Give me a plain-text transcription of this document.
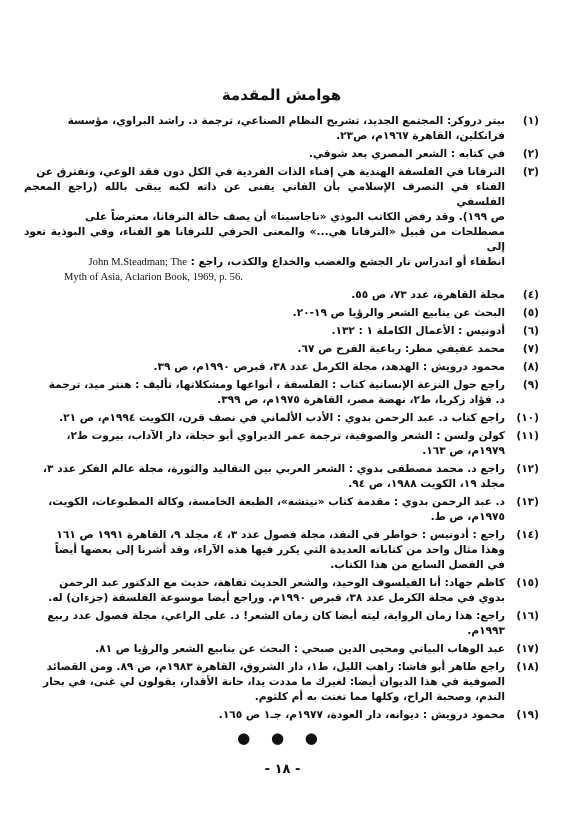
هوامش المقدمة
(١)
بيتر دروكر: المجتمع الجديد، تشريح النظام الصناعي، ترجمة د. راشد البراوي، مؤسسة
فرانكلين، القاهرة ١٩٦٧م، ص٢٣.
(٢)
في كتابه : الشعر المصري بعد شوقي.
(٣)
النرفانا في الفلسفة الهندية هي إفناء الذات الفردية في الكل دون فقد الوعي، وتفترق عن
الفناء في التصرف الإسلامي بأن الفاني يفنى عن ذاته لكنه يبقى بالله (راجع المعجم الفلسفي
ص ١٩٩). وقد رفض الكاتب البوذي «ناجاسينا» أن يصف حالة النرفانا، معترضاً على
مصطلحات من قبيل «النرفانا هي...» والمعنى الحرفي للنرفانا هو الفناء، وفي البوذية تعود إلى
انطفاء أو اندراس نار الجشع والغضب والخداع والكذب، راجع : John M.Steadman; The
Myth of Asia, Aclarion Book, 1969, p. 56.
(٤)
مجلة القاهرة، عدد ٧٣، ص ٥٥.
(٥)
البحث عن ينابيع الشعر والرؤيا ص ١٩-٢٠.
(٦)
أدونيس : الأعمال الكاملة ١ : ١٣٢.
(٧)
محمد عفيفي مطر: رباعية الفرح ص ٦٧.
(٨)
محمود درويش : الهدهد، مجلة الكرمل عدد ٣٨، قبرص ١٩٩٠م، ص ٣٩.
(٩)
راجع حول النزعة الإنسانية كتاب : الفلسفة ، أنواعها ومشكلاتها، تأليف : هنتر ميد، ترجمة
د. فؤاد زكريا، ط٢، نهضة مصر، القاهرة ١٩٧٥م، ص ٣٩٩.
(١٠)
راجع كتاب د. عبد الرحمن بدوي : الأدب الألماني في نصف قرن، الكويت ١٩٩٤م، ص ٢١.
(١١)
كولن ولسن : الشعر والصوفية، ترجمة عمر الديراوي أبو حجلة، دار الآداب، بيروت ط٢،
١٩٧٩م، ص ١٦٣.
(١٢)
راجع د. محمد مصطفى بدوي : الشعر العربي بين التقاليد والثورة، مجلة عالم الفكر عدد ٣،
مجلد ١٩، الكويت ١٩٨٨، ص ٩٤.
(١٣)
د. عبد الرحمن بدوي : مقدمة كتاب «نيتشه»، الطبعة الخامسة، وكالة المطبوعات، الكويت،
١٩٧٥م، ص ط.
(١٤)
راجع : أدونيس : خواطر في النقد، مجلة فصول عدد ٣، ٤، مجلد ٩، القاهرة ١٩٩١ ص ١٦١
وهذا مثال واحد من كتاباته العديدة التي يكرر فيها هذه الآراء، وقد أشرنا إلى بعضها أيضاً
في الفصل السابع من هذا الكتاب.
(١٥)
كاظم جهاد: أنا الفيلسوف الوحيد، والشعر الحديث تفاهة، حديث مع الدكتور عبد الرحمن
بدوي في مجلة الكرمل عدد ٣٨، قبرص ١٩٩٠م. وراجع أيضا موسوعة الفلسفة (جزءان) له.
(١٦)
راجع: هذا زمان الرواية، ليته أيضا كان زمان الشعر! د. على الراعي، مجلة فصول عدد ربيع
١٩٩٣م.
(١٧)
عبد الوهاب البياتي ومحيى الدين صبحي : البحث عن ينابيع الشعر والرؤيا ص ٨١.
(١٨)
راجع طاهر أبو فاشا: راهب الليل، ط١، دار الشروق، القاهرة ١٩٨٣م، ص ٨٩. ومن القصائد
الصوفية في هذا الديوان أيضا: لغيرك ما مددت يدا، حانة الأقدار، يقولون لي غنى، في بحار
الندم، وصحبة الراح، وكلها مما تغنت به أم كلثوم.
(١٩)
محمود درويش : ديوانه، دار العودة، ١٩٧٧م، جـ١ ص ١٦٥.
● ● ●
- ١٨ -
